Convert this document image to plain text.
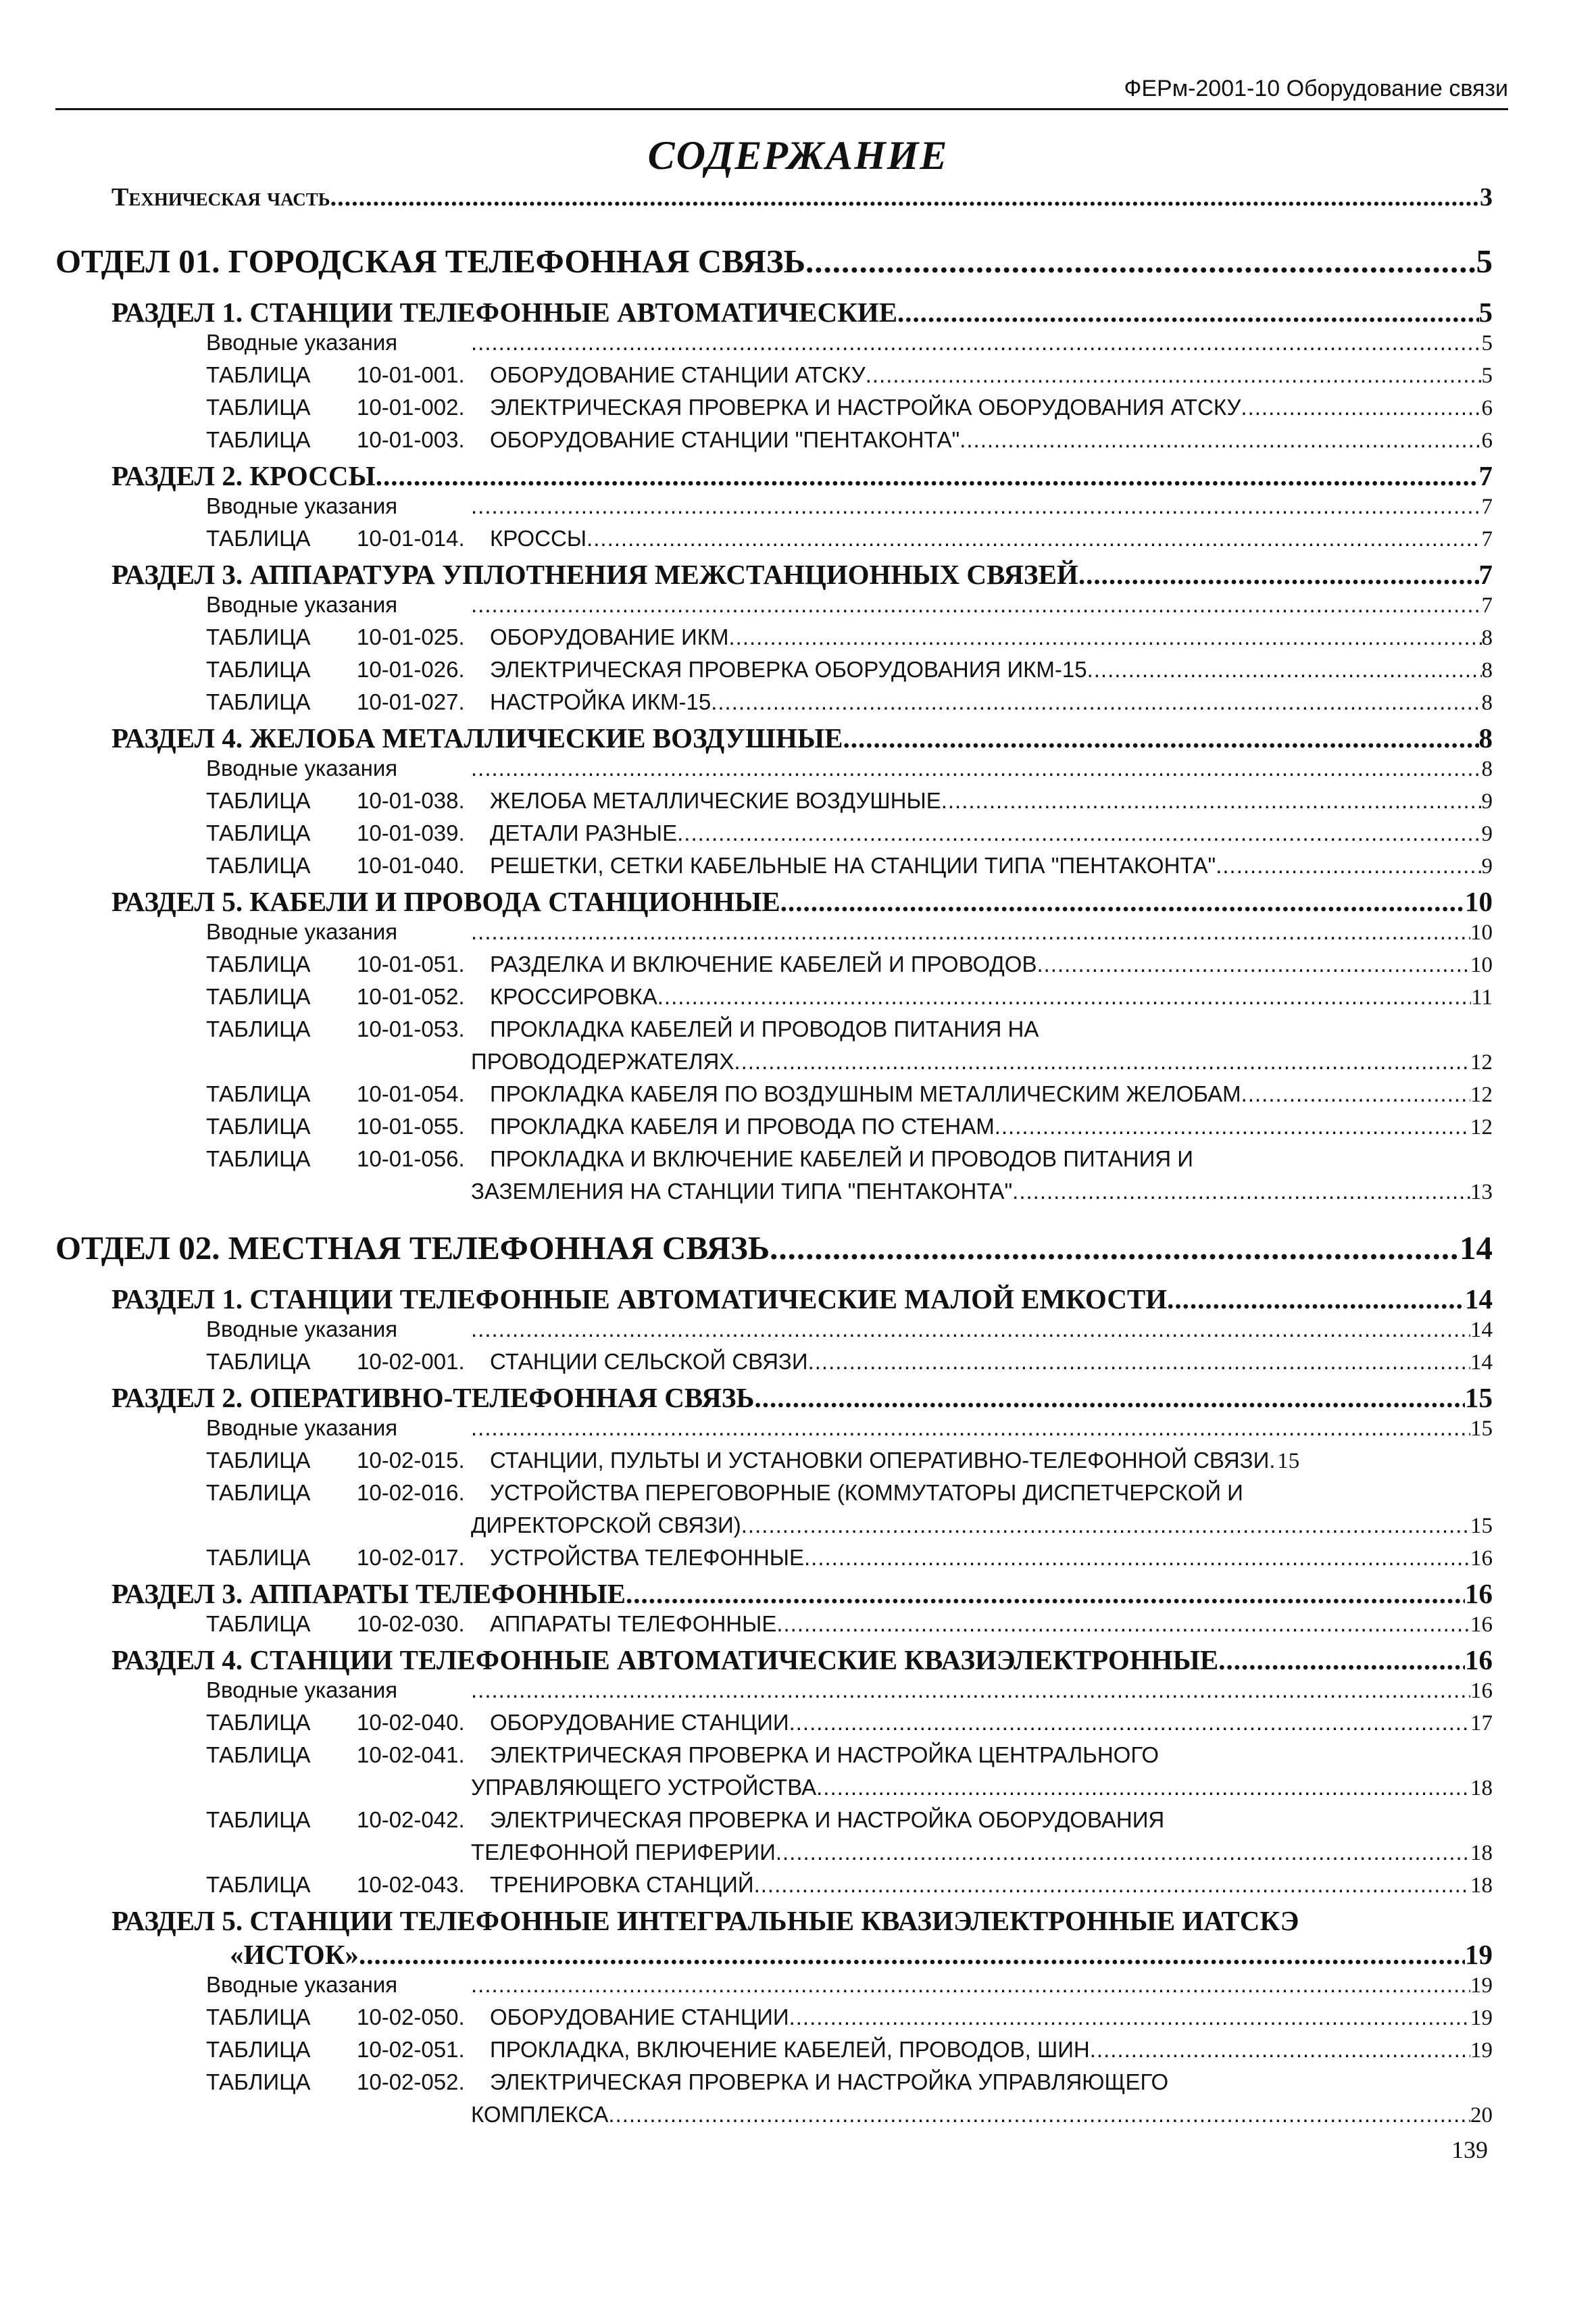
ФЕРм-2001-10 Оборудование связи
СОДЕРЖАНИЕ
Техническая часть .....	3
ОТДЕЛ 01. ГОРОДСКАЯ ТЕЛЕФОННАЯ СВЯЗЬ .....	5
РАЗДЕЛ 1. СТАНЦИИ ТЕЛЕФОННЫЕ АВТОМАТИЧЕСКИЕ .....	5
Вводные указания .....	5
ТАБЛИЦА 10-01-001. ОБОРУДОВАНИЕ СТАНЦИИ АТСКУ .....	5
ТАБЛИЦА 10-01-002. ЭЛЕКТРИЧЕСКАЯ ПРОВЕРКА И НАСТРОЙКА ОБОРУДОВАНИЯ АТСКУ .....	6
ТАБЛИЦА 10-01-003. ОБОРУДОВАНИЕ СТАНЦИИ "ПЕНТАКОНТА" .....	6
РАЗДЕЛ 2. КРОССЫ .....	7
Вводные указания .....	7
ТАБЛИЦА 10-01-014. КРОССЫ .....	7
РАЗДЕЛ 3. АППАРАТУРА УПЛОТНЕНИЯ МЕЖСТАНЦИОННЫХ СВЯЗЕЙ .....	7
Вводные указания .....	7
ТАБЛИЦА 10-01-025. ОБОРУДОВАНИЕ ИКМ .....	8
ТАБЛИЦА 10-01-026. ЭЛЕКТРИЧЕСКАЯ ПРОВЕРКА ОБОРУДОВАНИЯ ИКМ-15 .....	8
ТАБЛИЦА 10-01-027. НАСТРОЙКА ИКМ-15 .....	8
РАЗДЕЛ 4. ЖЕЛОБА МЕТАЛЛИЧЕСКИЕ ВОЗДУШНЫЕ .....	8
Вводные указания .....	8
ТАБЛИЦА 10-01-038. ЖЕЛОБА МЕТАЛЛИЧЕСКИЕ ВОЗДУШНЫЕ .....	9
ТАБЛИЦА 10-01-039. ДЕТАЛИ РАЗНЫЕ .....	9
ТАБЛИЦА 10-01-040. РЕШЕТКИ, СЕТКИ КАБЕЛЬНЫЕ НА СТАНЦИИ ТИПА "ПЕНТАКОНТА" .....	9
РАЗДЕЛ 5. КАБЕЛИ И ПРОВОДА СТАНЦИОННЫЕ .....	10
Вводные указания .....	10
ТАБЛИЦА 10-01-051. РАЗДЕЛКА И ВКЛЮЧЕНИЕ КАБЕЛЕЙ И ПРОВОДОВ .....	10
ТАБЛИЦА 10-01-052. КРОССИРОВКА .....	11
ТАБЛИЦА 10-01-053. ПРОКЛАДКА КАБЕЛЕЙ И ПРОВОДОВ ПИТАНИЯ НА
ПРОВОДОДЕРЖАТЕЛЯХ .....	12
ТАБЛИЦА 10-01-054. ПРОКЛАДКА КАБЕЛЯ ПО ВОЗДУШНЫМ МЕТАЛЛИЧЕСКИМ ЖЕЛОБАМ .....	12
ТАБЛИЦА 10-01-055. ПРОКЛАДКА КАБЕЛЯ И ПРОВОДА ПО СТЕНАМ .....	12
ТАБЛИЦА 10-01-056. ПРОКЛАДКА И ВКЛЮЧЕНИЕ КАБЕЛЕЙ И ПРОВОДОВ ПИТАНИЯ И
ЗАЗЕМЛЕНИЯ НА СТАНЦИИ ТИПА "ПЕНТАКОНТА" .....	13
ОТДЕЛ 02. МЕСТНАЯ ТЕЛЕФОННАЯ СВЯЗЬ .....	14
РАЗДЕЛ 1. СТАНЦИИ ТЕЛЕФОННЫЕ АВТОМАТИЧЕСКИЕ МАЛОЙ ЕМКОСТИ .....	14
Вводные указания .....	14
ТАБЛИЦА 10-02-001. СТАНЦИИ СЕЛЬСКОЙ СВЯЗИ .....	14
РАЗДЕЛ 2. ОПЕРАТИВНО-ТЕЛЕФОННАЯ СВЯЗЬ .....	15
Вводные указания .....	15
ТАБЛИЦА 10-02-015. СТАНЦИИ, ПУЛЬТЫ И УСТАНОВКИ ОПЕРАТИВНО-ТЕЛЕФОННОЙ СВЯЗИ ..... 15
ТАБЛИЦА 10-02-016. УСТРОЙСТВА ПЕРЕГОВОРНЫЕ (КОММУТАТОРЫ ДИСПЕТЧЕРСКОЙ И
ДИРЕКТОРСКОЙ СВЯЗИ) .....	15
ТАБЛИЦА 10-02-017. УСТРОЙСТВА ТЕЛЕФОННЫЕ .....	16
РАЗДЕЛ 3. АППАРАТЫ ТЕЛЕФОННЫЕ .....	16
ТАБЛИЦА 10-02-030. АППАРАТЫ ТЕЛЕФОННЫЕ .....	16
РАЗДЕЛ 4. СТАНЦИИ ТЕЛЕФОННЫЕ АВТОМАТИЧЕСКИЕ КВАЗИЭЛЕКТРОННЫЕ .....	16
Вводные указания .....	16
ТАБЛИЦА 10-02-040. ОБОРУДОВАНИЕ СТАНЦИИ .....	17
ТАБЛИЦА 10-02-041. ЭЛЕКТРИЧЕСКАЯ ПРОВЕРКА И НАСТРОЙКА ЦЕНТРАЛЬНОГО
УПРАВЛЯЮЩЕГО УСТРОЙСТВА .....	18
ТАБЛИЦА 10-02-042. ЭЛЕКТРИЧЕСКАЯ ПРОВЕРКА И НАСТРОЙКА ОБОРУДОВАНИЯ
ТЕЛЕФОННОЙ ПЕРИФЕРИИ .....	18
ТАБЛИЦА 10-02-043. ТРЕНИРОВКА СТАНЦИЙ .....	18
РАЗДЕЛ 5. СТАНЦИИ ТЕЛЕФОННЫЕ ИНТЕГРАЛЬНЫЕ КВАЗИЭЛЕКТРОННЫЕ ИАТСКЭ
«ИСТОК» .....	19
Вводные указания .....	19
ТАБЛИЦА 10-02-050. ОБОРУДОВАНИЕ СТАНЦИИ .....	19
ТАБЛИЦА 10-02-051. ПРОКЛАДКА, ВКЛЮЧЕНИЕ КАБЕЛЕЙ, ПРОВОДОВ, ШИН .....	19
ТАБЛИЦА 10-02-052. ЭЛЕКТРИЧЕСКАЯ ПРОВЕРКА И НАСТРОЙКА УПРАВЛЯЮЩЕГО
КОМПЛЕКСА .....	20
139
